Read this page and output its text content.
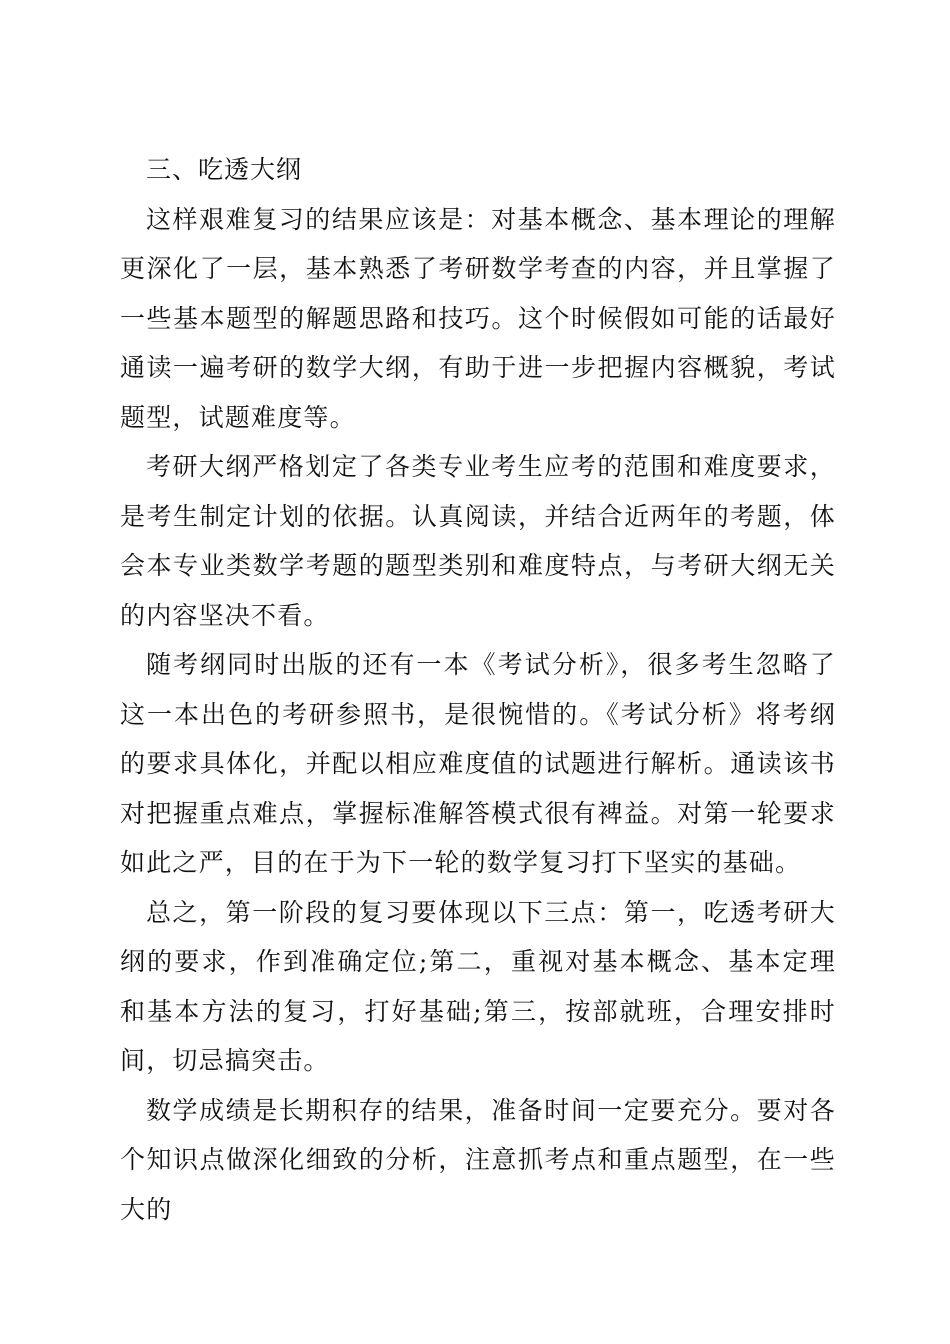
三、吃透大纲

这样艰难复习的结果应该是：对基本概念、基本理论的理解更深化了一层，基本熟悉了考研数学考查的内容，并且掌握了一些基本题型的解题思路和技巧。这个时候假如可能的话最好通读一遍考研的数学大纲，有助于进一步把握内容概貌，考试题型，试题难度等。

考研大纲严格划定了各类专业考生应考的范围和难度要求，是考生制定计划的依据。认真阅读，并结合近两年的考题，体会本专业类数学考题的题型类别和难度特点，与考研大纲无关的内容坚决不看。

随考纲同时出版的还有一本《考试分析》，很多考生忽略了这一本出色的考研参照书，是很惋惜的。《考试分析》将考纲的要求具体化，并配以相应难度值的试题进行解析。通读该书对把握重点难点，掌握标准解答模式很有裨益。对第一轮要求如此之严，目的在于为下一轮的数学复习打下坚实的基础。

总之，第一阶段的复习要体现以下三点：第一，吃透考研大纲的要求，作到准确定位;第二，重视对基本概念、基本定理和基本方法的复习，打好基础;第三，按部就班，合理安排时间，切忌搞突击。

数学成绩是长期积存的结果，准备时间一定要充分。要对各个知识点做深化细致的分析，注意抓考点和重点题型，在一些大的
